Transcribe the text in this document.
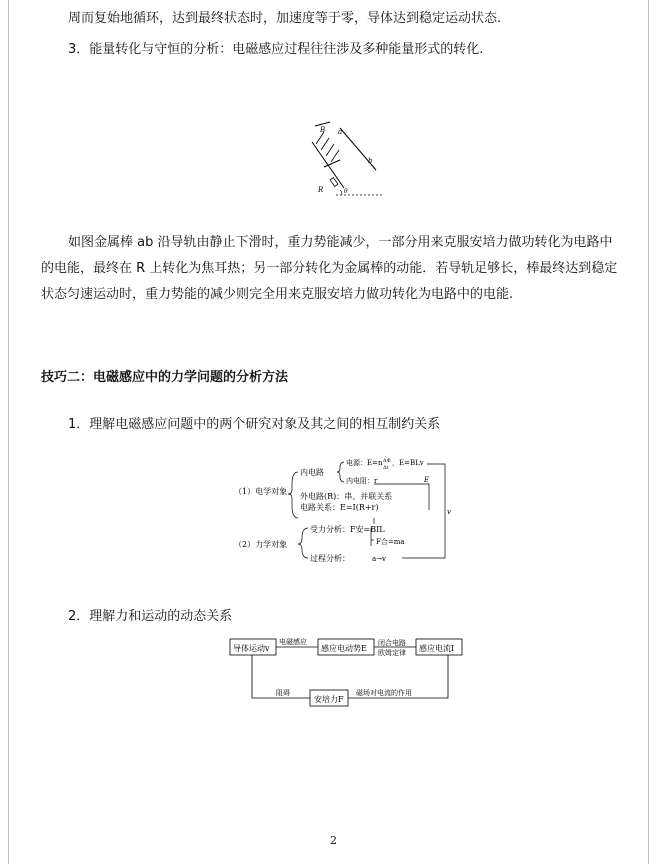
周而复始地循环，达到最终状态时，加速度等于零，导体达到稳定运动状态.
3．能量转化与守恒的分析：电磁感应过程往往涉及多种能量形式的转化.
B a
b
R	θ
如图金属棒 ab 沿导轨由静止下滑时，重力势能减少，一部分用来克服安培力做功转化为电路中
的电能，最终在 R 上转化为焦耳热；另一部分转化为金属棒的动能．若导轨足够长，棒最终达到稳定
状态匀速运动时，重力势能的减少则完全用来克服安培力做功转化为电路中的电能.
技巧二：电磁感应中的力学问题的分析方法
1．理解电磁感应问题中的两个研究对象及其之间的相互制约关系
（1）电学对象
内电路
电源：E=n ΔΦ
Δt
，E=BLv
内电阻：r	E
v
外电路(R)：串、并联关系
电路关系：E=I(R+r)
（2）力学对象
受力分析：F安=BIL
F合=ma
过程分析：	a→v
2．理解力和运动的动态关系
导体运动v
电磁感应
感应电动势E
闭合电路
欧姆定律 感应电流I
安培力F
阻碍	磁场对电流的作用
2
